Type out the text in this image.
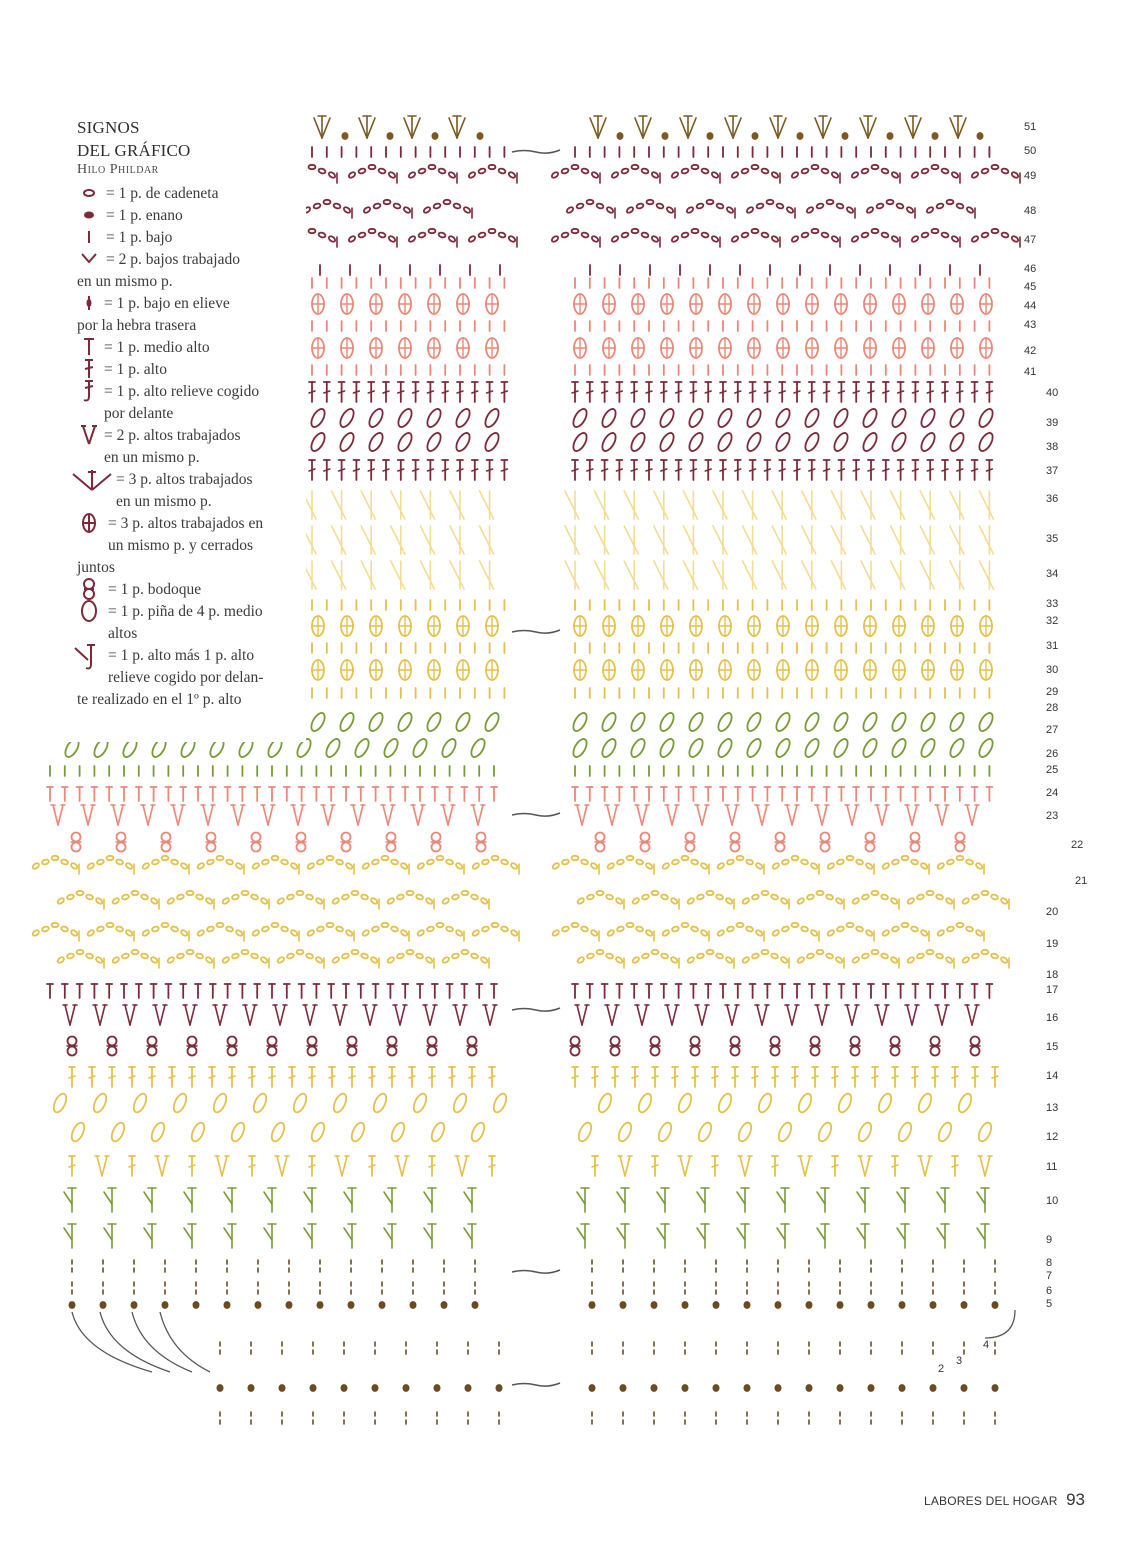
SIGNOS
DEL GRÁFICO
Hilo Phildar
= 1 p. de cadeneta
= 1 p. enano
= 1 p. bajo
= 2 p. bajos trabajado
en un mismo p.
= 1 p. bajo en elieve
por la hebra trasera
= 1 p. medio alto
= 1 p. alto
= 1 p. alto relieve cogido
por delante
= 2 p. altos trabajados
en un mismo p.
= 3 p. altos trabajados
en un mismo p.
= 3 p. altos trabajados en
un mismo p. y cerrados
juntos
= 1 p. bodoque
= 1 p. piña de 4 p. medio
altos
= 1 p. alto más 1 p. alto
relieve cogido por delan-
te realizado en el 1º p. alto
51
50
49
48
47
46
45
44
43
42
41
40
39
38
37
36
35
34
33
32
31
30
29
28
27
26
25
24
23
22
21
20
19
18
17
16
15
14
13
12
11
10
9
8
7
6
5
4
3
2
LABORES DEL HOGAR 93
